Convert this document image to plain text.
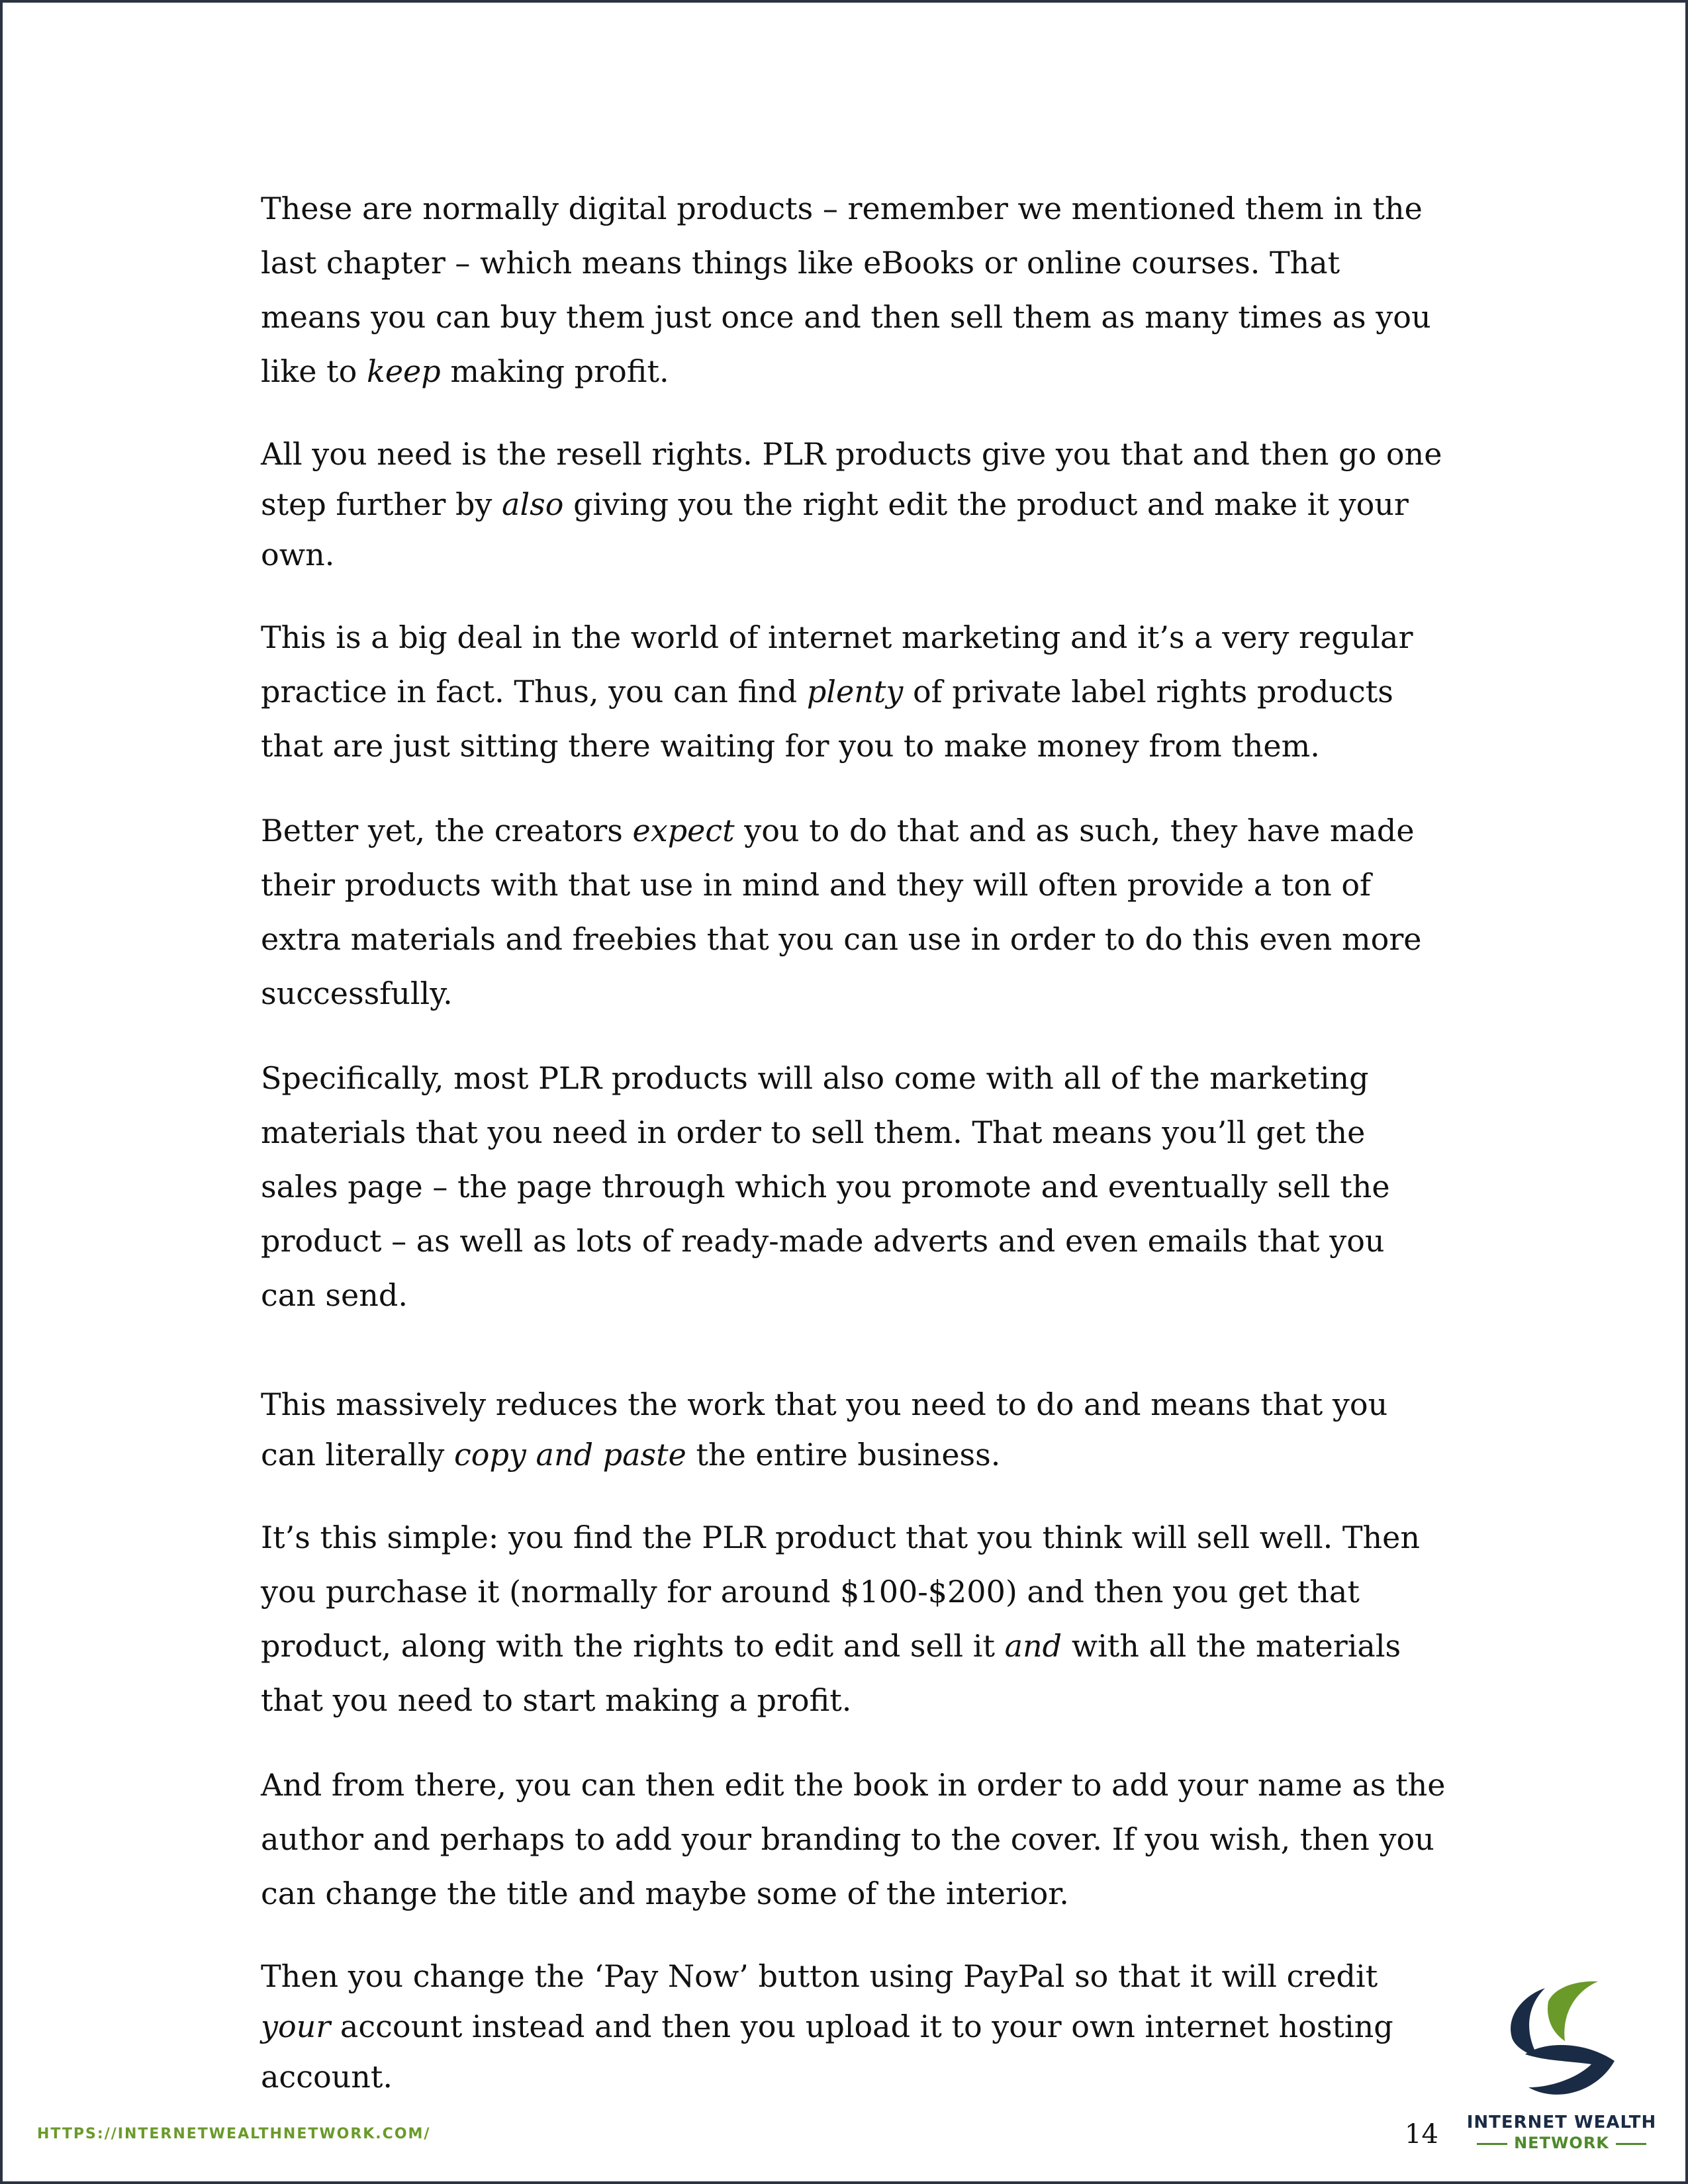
These are normally digital products – remember we mentioned them in the last chapter – which means things like eBooks or online courses. That means you can buy them just once and then sell them as many times as you like to keep making profit.

All you need is the resell rights. PLR products give you that and then go one step further by also giving you the right edit the product and make it your own.

This is a big deal in the world of internet marketing and it’s a very regular practice in fact. Thus, you can find plenty of private label rights products that are just sitting there waiting for you to make money from them.

Better yet, the creators expect you to do that and as such, they have made their products with that use in mind and they will often provide a ton of extra materials and freebies that you can use in order to do this even more successfully.

Specifically, most PLR products will also come with all of the marketing materials that you need in order to sell them. That means you’ll get the sales page – the page through which you promote and eventually sell the product – as well as lots of ready-made adverts and even emails that you can send.

This massively reduces the work that you need to do and means that you can literally copy and paste the entire business.

It’s this simple: you find the PLR product that you think will sell well. Then you purchase it (normally for around $100-$200) and then you get that product, along with the rights to edit and sell it and with all the materials that you need to start making a profit.

And from there, you can then edit the book in order to add your name as the author and perhaps to add your branding to the cover. If you wish, then you can change the title and maybe some of the interior.

Then you change the ‘Pay Now’ button using PayPal so that it will credit your account instead and then you upload it to your own internet hosting account.

HTTPS://INTERNETWEALTHNETWORK.COM/	14	INTERNET WEALTH
NETWORK
